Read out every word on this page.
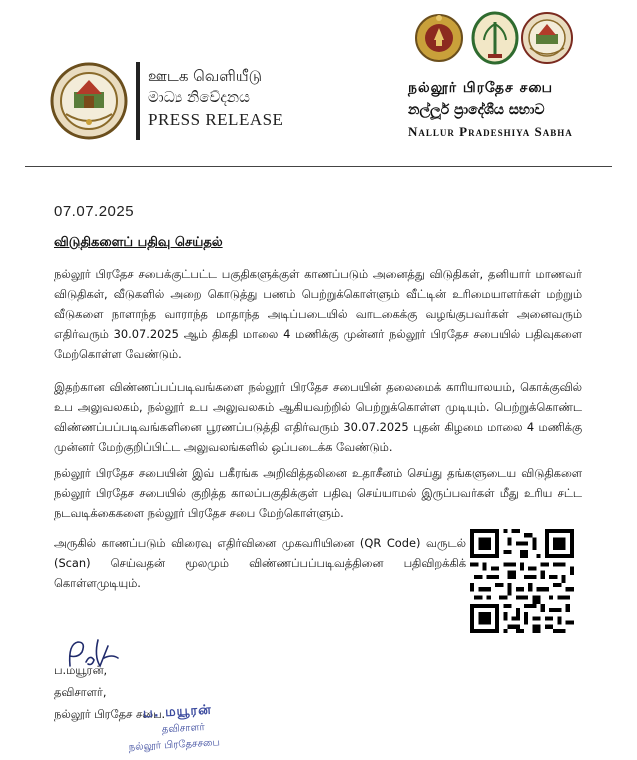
ஊடக வெளியீடு
මාධ්‍ය නිවේදනය
PRESS RELEASE
நல்லூர் பிரதேச சபை
නල්ලූර් ප්‍රාදේශීය සභාව
Nallur Pradeshiya Sabha
07.07.2025
விடுதிகளைப் பதிவு செய்தல்
நல்லூர் பிரதேச சபைக்குட்பட்ட பகுதிகளுக்குள் காணப்படும் அனைத்து விடுதிகள், தனியார் மாணவர் விடுதிகள், வீடுகளில் அறை கொடுத்து பணம் பெற்றுக்கொள்ளும் வீட்டின் உரிமையாளர்கள் மற்றும் வீடுகளை நாளாந்த வாராந்த மாதாந்த அடிப்படையில் வாடகைக்கு வழங்குபவர்கள் அனைவரும் எதிர்வரும் 30.07.2025 ஆம் திகதி மாலை 4 மணிக்கு முன்னர் நல்லூர் பிரதேச சபையில் பதிவுகளை மேற்கொள்ள வேண்டும்.
இதற்கான விண்ணப்பப்படிவங்களை நல்லூர் பிரதேச சபையின் தலைமைக் காரியாலயம், கொக்குவில் உப அலுவலகம், நல்லூர் உப அலுவலகம் ஆகியவற்றில் பெற்றுக்கொள்ள முடியும். பெற்றுக்கொண்ட விண்ணப்பப்படிவங்களினை பூரணப்படுத்தி எதிர்வரும் 30.07.2025 புதன் கிழமை மாலை 4 மணிக்கு முன்னர் மேற்குறிப்பிட்ட அலுவலங்களில் ஒப்படைக்க வேண்டும்.
நல்லூர் பிரதேச சபையின் இவ் பகீரங்க அறிவித்தலினை உதாசீனம் செய்து தங்களுடைய விடுதிகளை நல்லூர் பிரதேச சபையில் குறித்த காலப்பகுதிக்குள் பதிவு செய்யாமல் இருப்பவர்கள் மீது உரிய சட்ட நடவடிக்கைகளை நல்லூர் பிரதேச சபை மேற்கொள்ளும்.
அருகில் காணப்படும் விரைவு எதிர்வினை முகவரியினை (QR Code) வருடல் (Scan) செய்வதன் மூலமும் விண்ணப்பப்படிவத்தினை பதிவிறக்கிக் கொள்ளமுடியும்.
ப.மயூரன்,
தவிசாளர்,
நல்லூர் பிரதேச சபை.
ப. மயூரன்
தவிசாளர்
நல்லூர் பிரதேசசபை
